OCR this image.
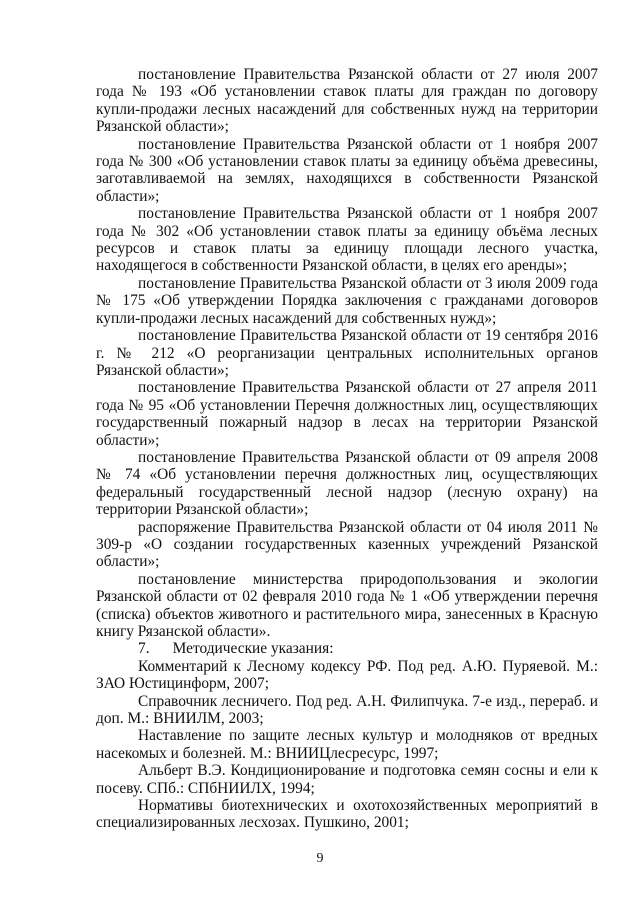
постановление Правительства Рязанской области от 27 июля 2007 года № 193 «Об установлении ставок платы для граждан по договору купли-продажи лесных насаждений для собственных нужд на территории Рязанской области»;

постановление Правительства Рязанской области от 1 ноября 2007 года № 300 «Об установлении ставок платы за единицу объёма древесины, заготавливаемой на землях, находящихся в собственности Рязанской области»;

постановление Правительства Рязанской области от 1 ноября 2007 года № 302 «Об установлении ставок платы за единицу объёма лесных ресурсов и ставок платы за единицу площади лесного участка, находящегося в собственности Рязанской области, в целях его аренды»;

постановление Правительства Рязанской области от 3 июля 2009 года № 175 «Об утверждении Порядка заключения с гражданами договоров купли-продажи лесных насаждений для собственных нужд»;

постановление Правительства Рязанской области от 19 сентября 2016 г. № 212 «О реорганизации центральных исполнительных органов Рязанской области»;

постановление Правительства Рязанской области от 27 апреля 2011 года № 95 «Об установлении Перечня должностных лиц, осуществляющих государственный пожарный надзор в лесах на территории Рязанской области»;

постановление Правительства Рязанской области от 09 апреля 2008 № 74 «Об установлении перечня должностных лиц, осуществляющих федеральный государственный лесной надзор (лесную охрану) на территории Рязанской области»;

распоряжение Правительства Рязанской области от 04 июля 2011 № 309-р «О создании государственных казенных учреждений Рязанской области»;

постановление министерства природопользования и экологии Рязанской области от 02 февраля 2010 года № 1 «Об утверждении перечня (списка) объектов животного и растительного мира, занесенных в Красную книгу Рязанской области».

7.      Методические указания:

Комментарий к Лесному кодексу РФ. Под ред. А.Ю. Пуряевой. М.: ЗАО Юстицинформ, 2007;

Справочник лесничего. Под ред. А.Н. Филипчука. 7-е изд., перераб. и доп. М.: ВНИИЛМ, 2003;

Наставление по защите лесных культур и молодняков от вредных насекомых и болезней. М.: ВНИИЦлесресурс, 1997;

Альберт В.Э. Кондиционирование и подготовка семян сосны и ели к посеву. СПб.: СПбНИИЛХ, 1994;

Нормативы биотехнических и охотохозяйственных мероприятий в специализированных лесхозах. Пушкино, 2001;

9
